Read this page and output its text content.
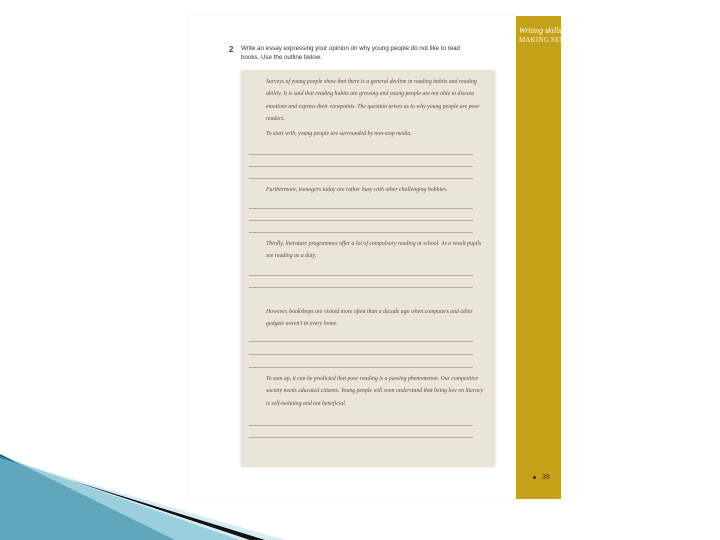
Writing skills
MAKING SENSE
39
2 Write an essay expressing your opinion on why young people do not like to read books. Use the outline below.
Surveys of young people show that there is a general decline in reading habits and reading ability. It is said that reading habits are growing and young people are not able to discuss emotions and express their viewpoints. The question arises as to why young people are poor readers.
To start with, young people are surrounded by non-stop media.
Furthermore, teenagers today are rather busy with other challenging hobbies.
Thirdly, literature programmes offer a lot of compulsory reading at school. As a result pupils see reading as a duty.
However, bookshops are visited more often than a decade ago when computers and other gadgets weren't in every home.
To sum up, it can be predicted that poor reading is a passing phenomenon. Our competitive society needs educated citizens. Young people will soon understand that being low on literacy is self-isolating and not beneficial.
